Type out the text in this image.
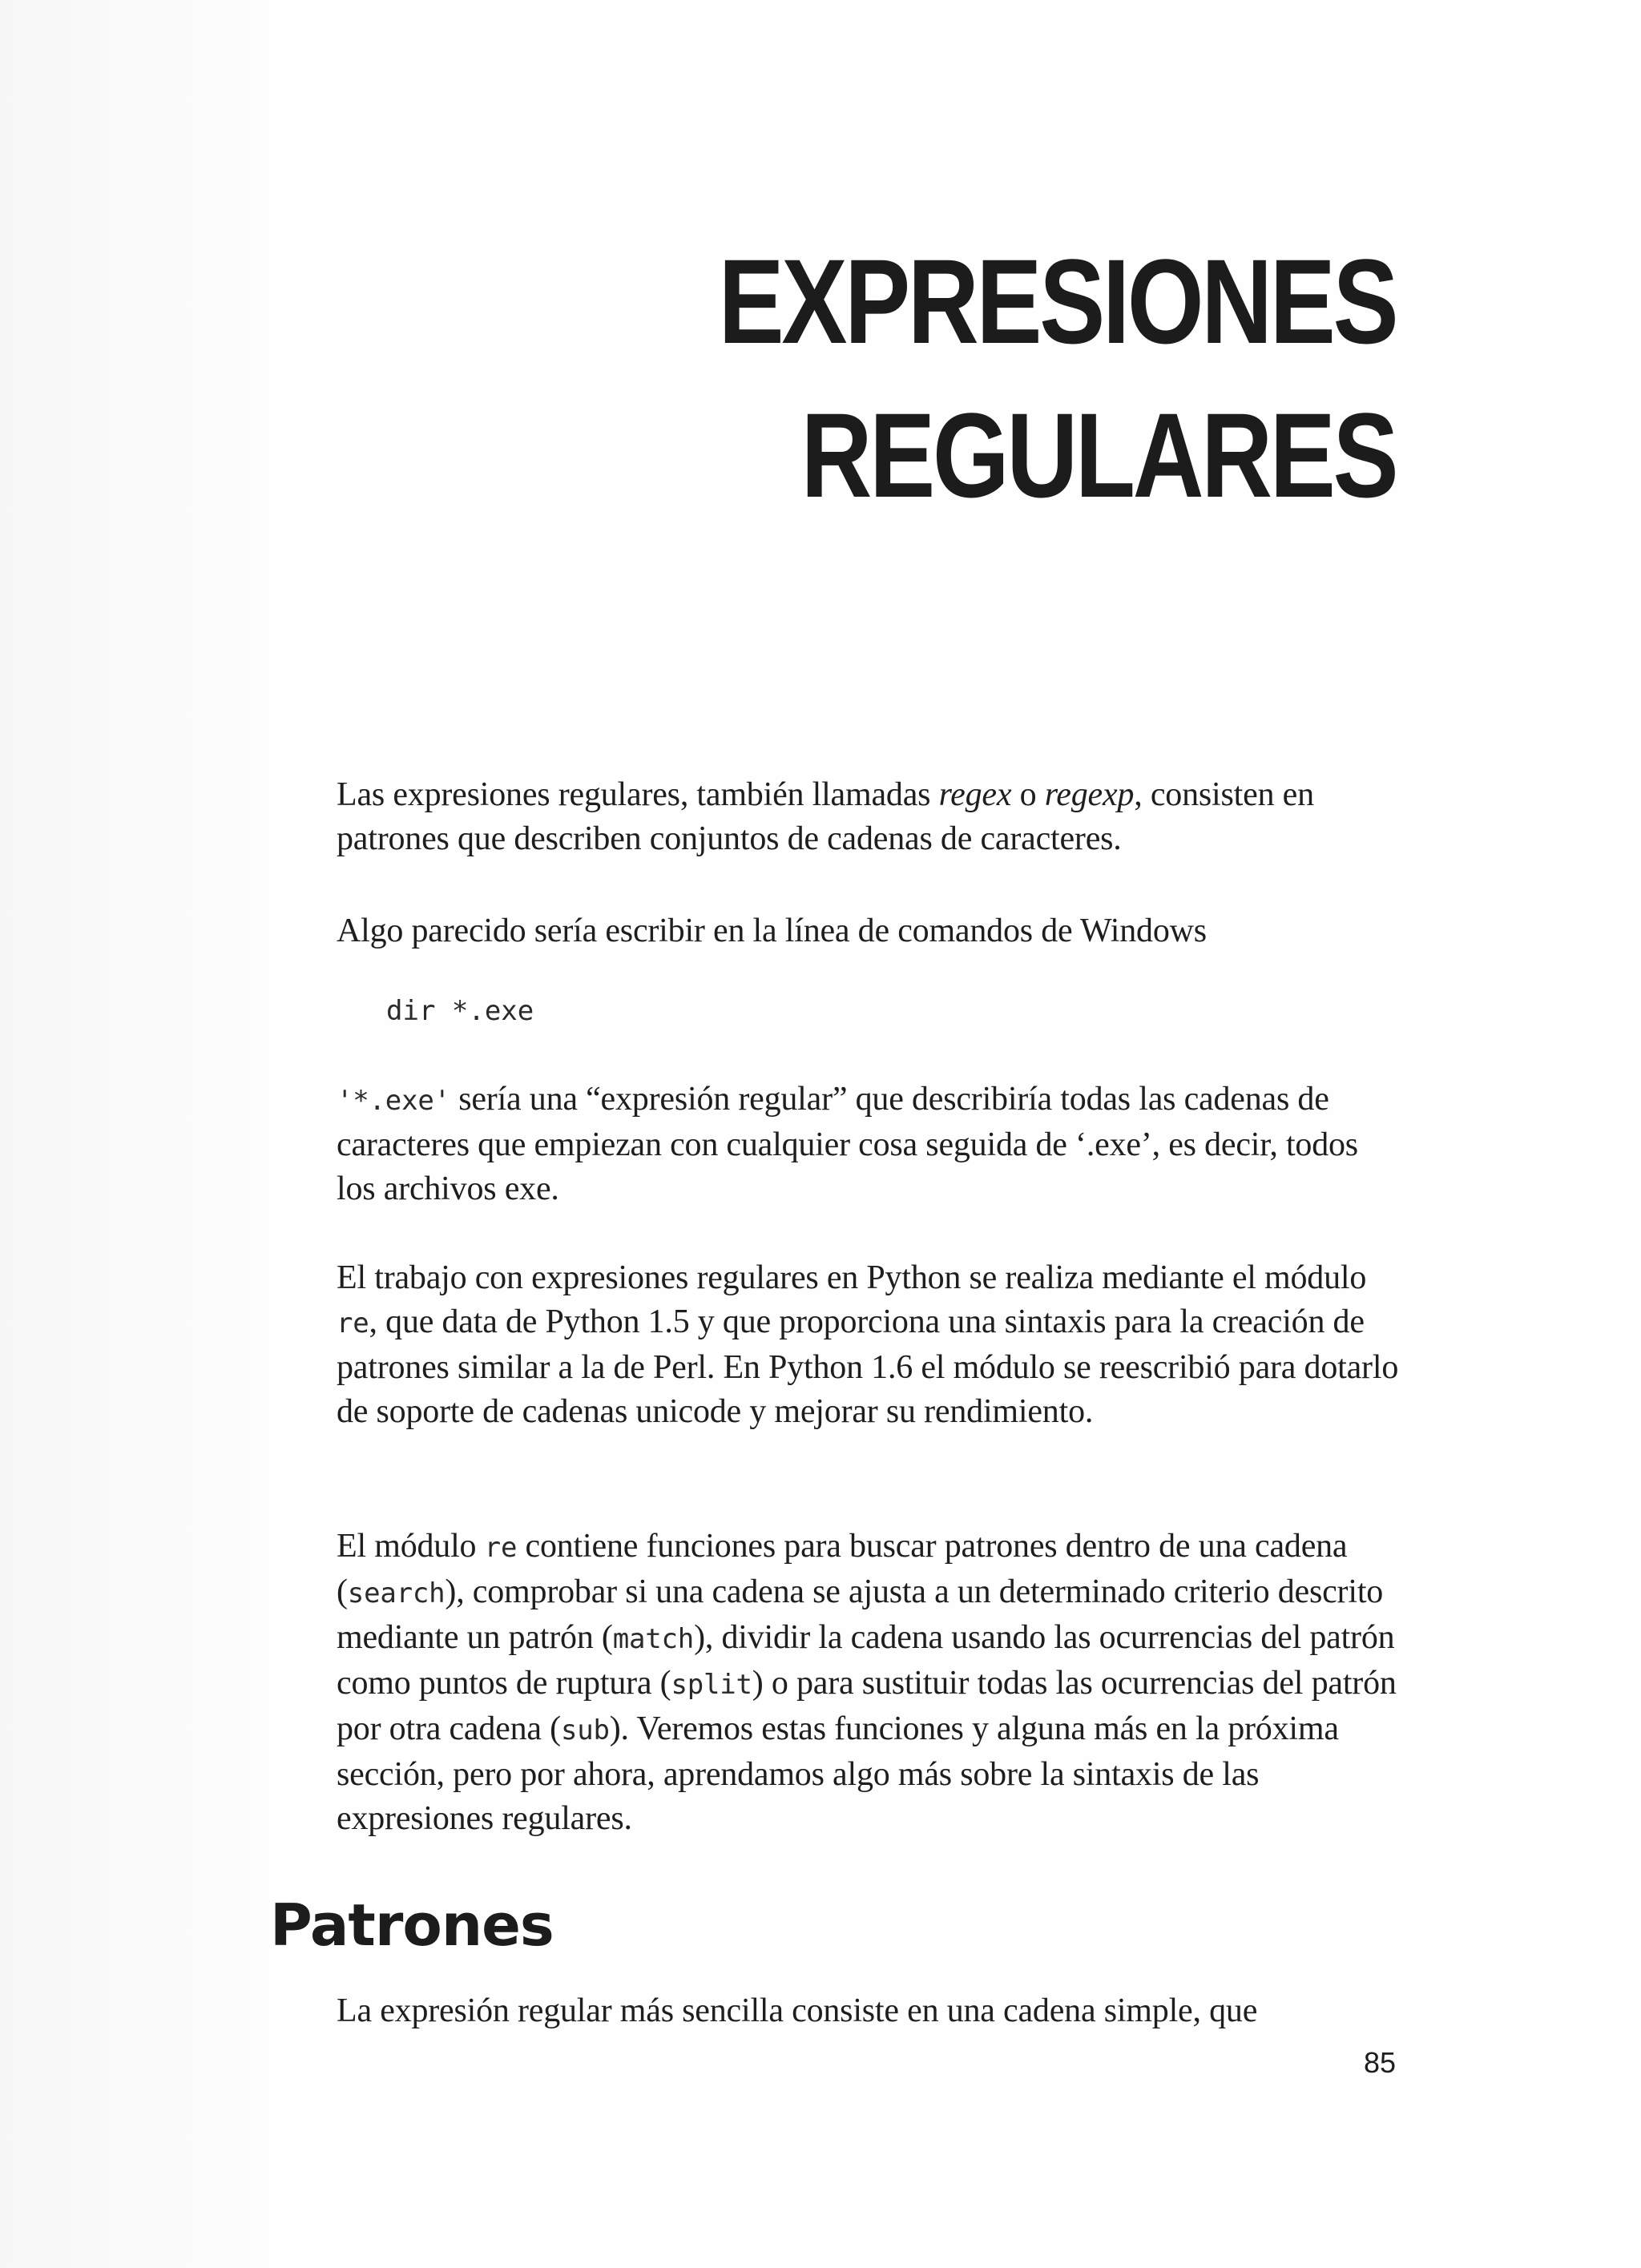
EXPRESIONES
REGULARES

Las expresiones regulares, también llamadas regex o regexp, consisten en patrones que describen conjuntos de cadenas de caracteres.

Algo parecido sería escribir en la línea de comandos de Windows

dir *.exe

'*.exe' sería una “expresión regular” que describiría todas las cadenas de caracteres que empiezan con cualquier cosa seguida de ‘.exe’, es decir, todos los archivos exe.

El trabajo con expresiones regulares en Python se realiza mediante el módulo re, que data de Python 1.5 y que proporciona una sintaxis para la creación de patrones similar a la de Perl. En Python 1.6 el módulo se reescribió para dotarlo de soporte de cadenas unicode y mejorar su rendimiento.

El módulo re contiene funciones para buscar patrones dentro de una cadena (search), comprobar si una cadena se ajusta a un determinado criterio descrito mediante un patrón (match), dividir la cadena usando las ocurrencias del patrón como puntos de ruptura (split) o para sustituir todas las ocurrencias del patrón por otra cadena (sub). Veremos estas funciones y alguna más en la próxima sección, pero por ahora, aprendamos algo más sobre la sintaxis de las expresiones regulares.

Patrones

La expresión regular más sencilla consiste en una cadena simple, que

85
